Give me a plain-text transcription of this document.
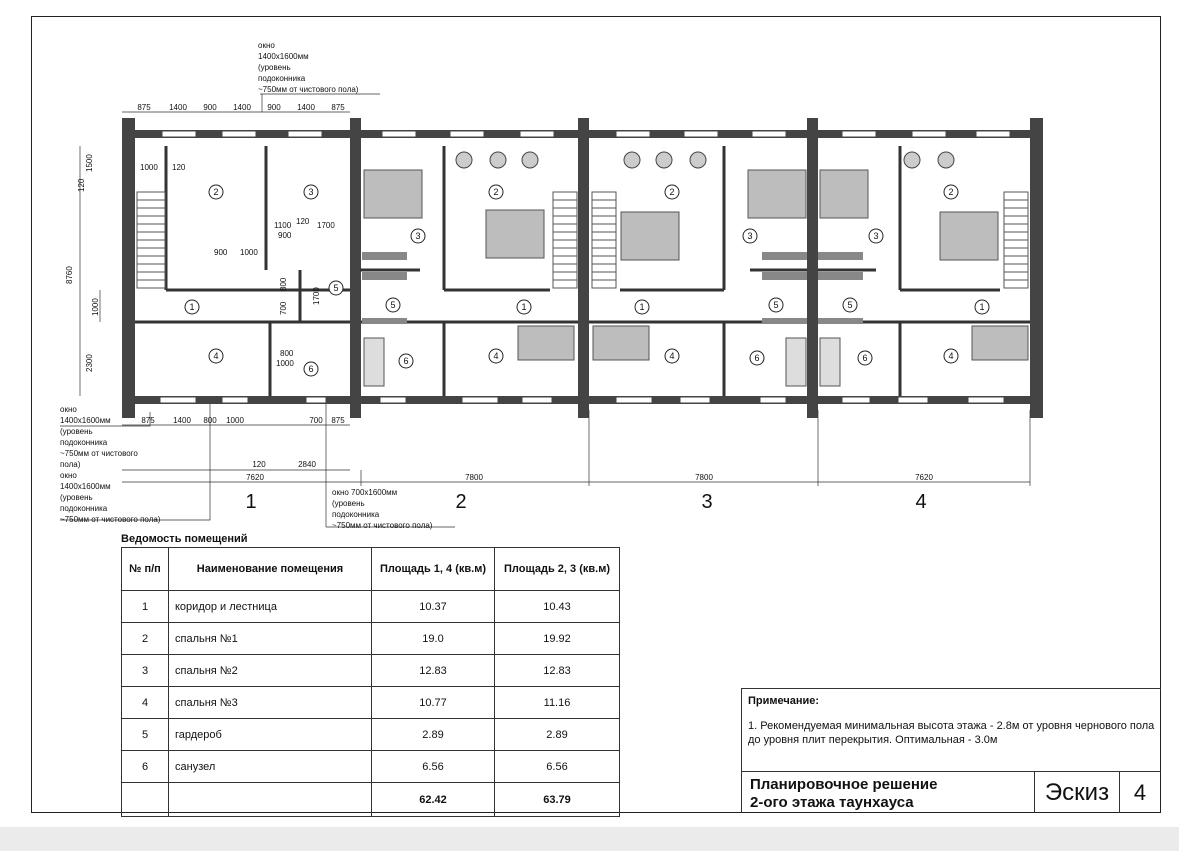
2	3
1
4
5
6
2
3
1
4
5
6
2
3
1
4
5
6
2
3
1
4
5
6
окно
1400x1600мм
(уровень
подоконника
~750мм от чистового пола)
875 1400 900 1400 900 1400 875
1000 120
900 1000
1100 120
900
1700
800
1000
700
800
1700
1500
120
8760
1000
2300
875 1400 800 1000	700 875
120	2840
7620	7800	7800	7620
1	2	3	4
окно
1400x1600мм
(уровень
подоконника
~750мм от чистового
пола)
окно
1400x1600мм
(уровень
подоконника
~750мм от чистового пола)
окно 700x1600мм
(уровень
подоконника
~750мм от чистового пола)
Ведомость помещений
№ п/п	Наименование помещения	Площадь 1, 4 (кв.м)	Площадь 2, 3 (кв.м)
1	коридор и лестница	10.37	10.43
2	спальня №1	19.0	19.92
3	спальня №2	12.83	12.83
4	спальня №3	10.77	11.16
5	гардероб	2.89	2.89
6	санузел	6.56	6.56
		62.42	63.79
Примечание:
1. Рекомендуемая минимальная высота этажа - 2.8м от уровня чернового пола до уровня плит перекрытия. Оптимальная - 3.0м
Планировочное решение
2-ого этажа таунхауса	Эскиз	4
